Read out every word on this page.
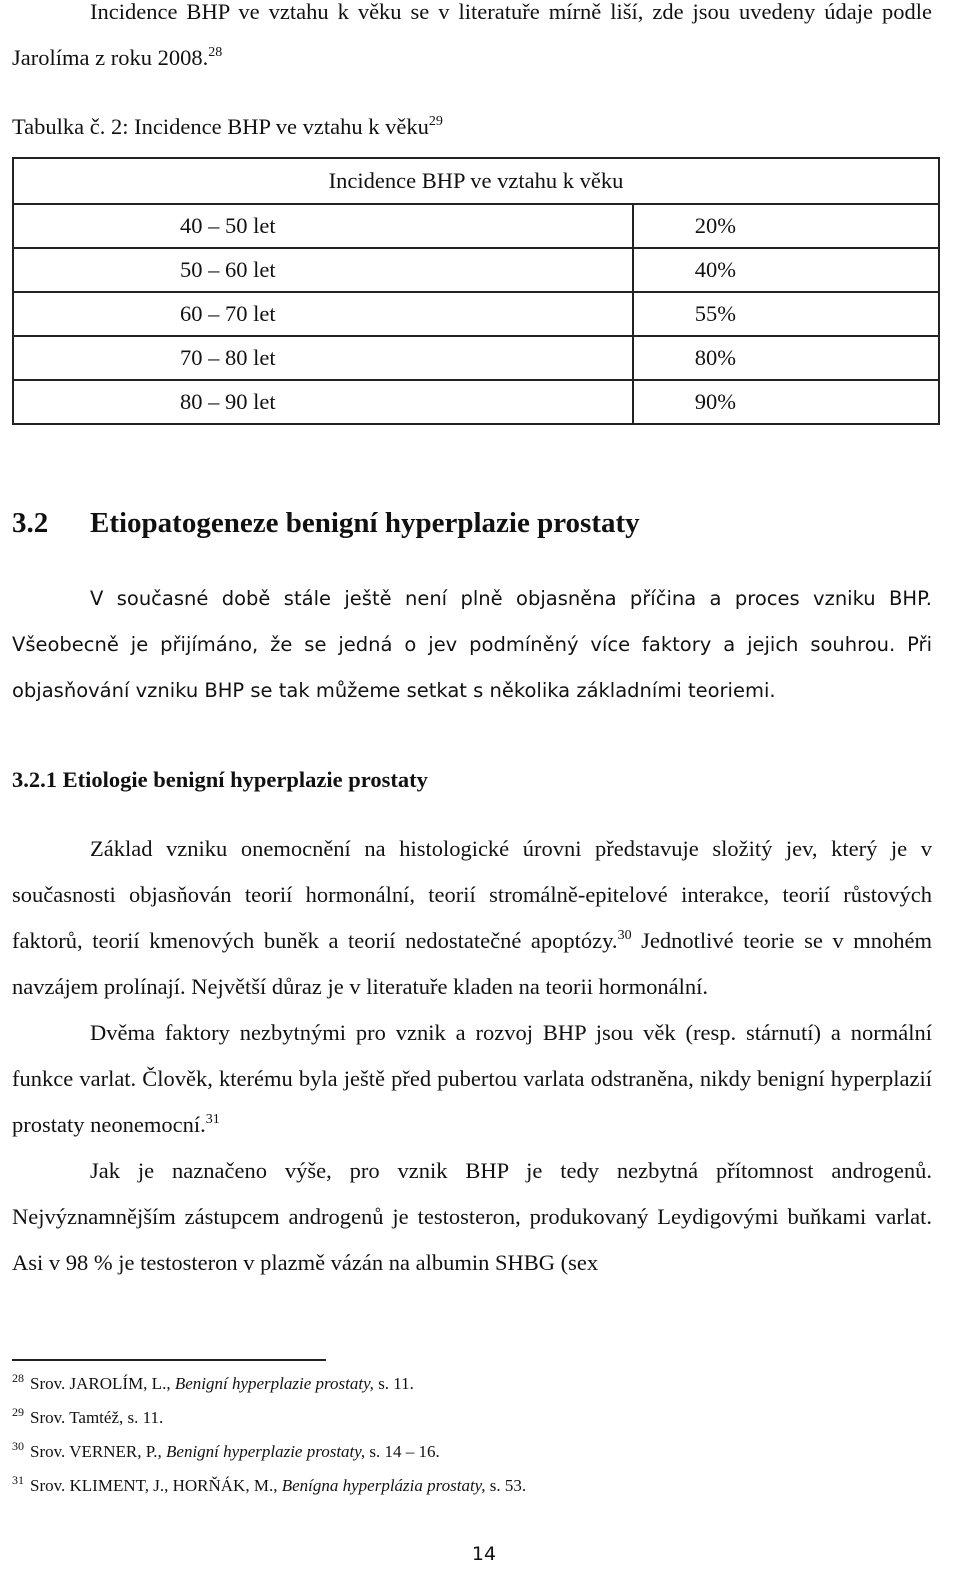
Incidence BHP ve vztahu k věku se v literatuře mírně liší, zde jsou uvedeny údaje podle Jarolíma z roku 2008.28

Tabulka č. 2: Incidence BHP ve vztahu k věku$^{29}$
Incidence BHP ve vztahu k věku	
40 – 50 let	20%
50 – 60 let	40%
60 – 70 let	55%
70 – 80 let	80%
80 – 90 let	90%
3.2 Etiopatogeneze benigní hyperplazie prostaty

V současné době stále ještě není plně objasněna příčina a proces vzniku BHP. Všeobecně je přijímáno, že se jedná o jev podmíněný více faktory a jejich souhrou. Při objasňování vzniku BHP se tak můžeme setkat s několika základními teoriemi.

3.2.1 Etiologie benigní hyperplazie prostaty

Základ vzniku onemocnění na histologické úrovni představuje složitý jev, který je v současnosti objasňován teorií hormonální, teorií stromálně-epitelové interakce, teorií růstových faktorů, teorií kmenových buněk a teorií nedostatečné apoptózy.$^{30}$ Jednotlivé teorie se v mnohém navzájem prolínají. Největší důraz je v literatuře kladen na teorii hormonální.

Dvěma faktory nezbytnými pro vznik a rozvoj BHP jsou věk (resp. stárnutí) a normální funkce varlat. Člověk, kterému byla ještě před pubertou varlata odstraněna, nikdy benigní hyperplazií prostaty neonemocní.$^{31}$

Jak je naznačeno výše, pro vznik BHP je tedy nezbytná přítomnost androgenů. Nejvýznamnějším zástupcem androgenů je testosteron, produkovaný Leydigovými buňkami varlat. Asi v 98 % je testosteron v plazmě vázán na albumin SHBG (sex

$^{28}$ Srov. JAROLÍM, L., Benigní hyperplazie prostaty, s. 11.
$^{29}$ Srov. Tamtéž, s. 11.
$^{30}$ Srov. VERNER, P., Benigní hyperplazie prostaty, s. 14 – 16.
$^{31}$ Srov. KLIMENT, J., HORŇÁK, M., Benígna hyperplázia prostaty, s. 53.
14
